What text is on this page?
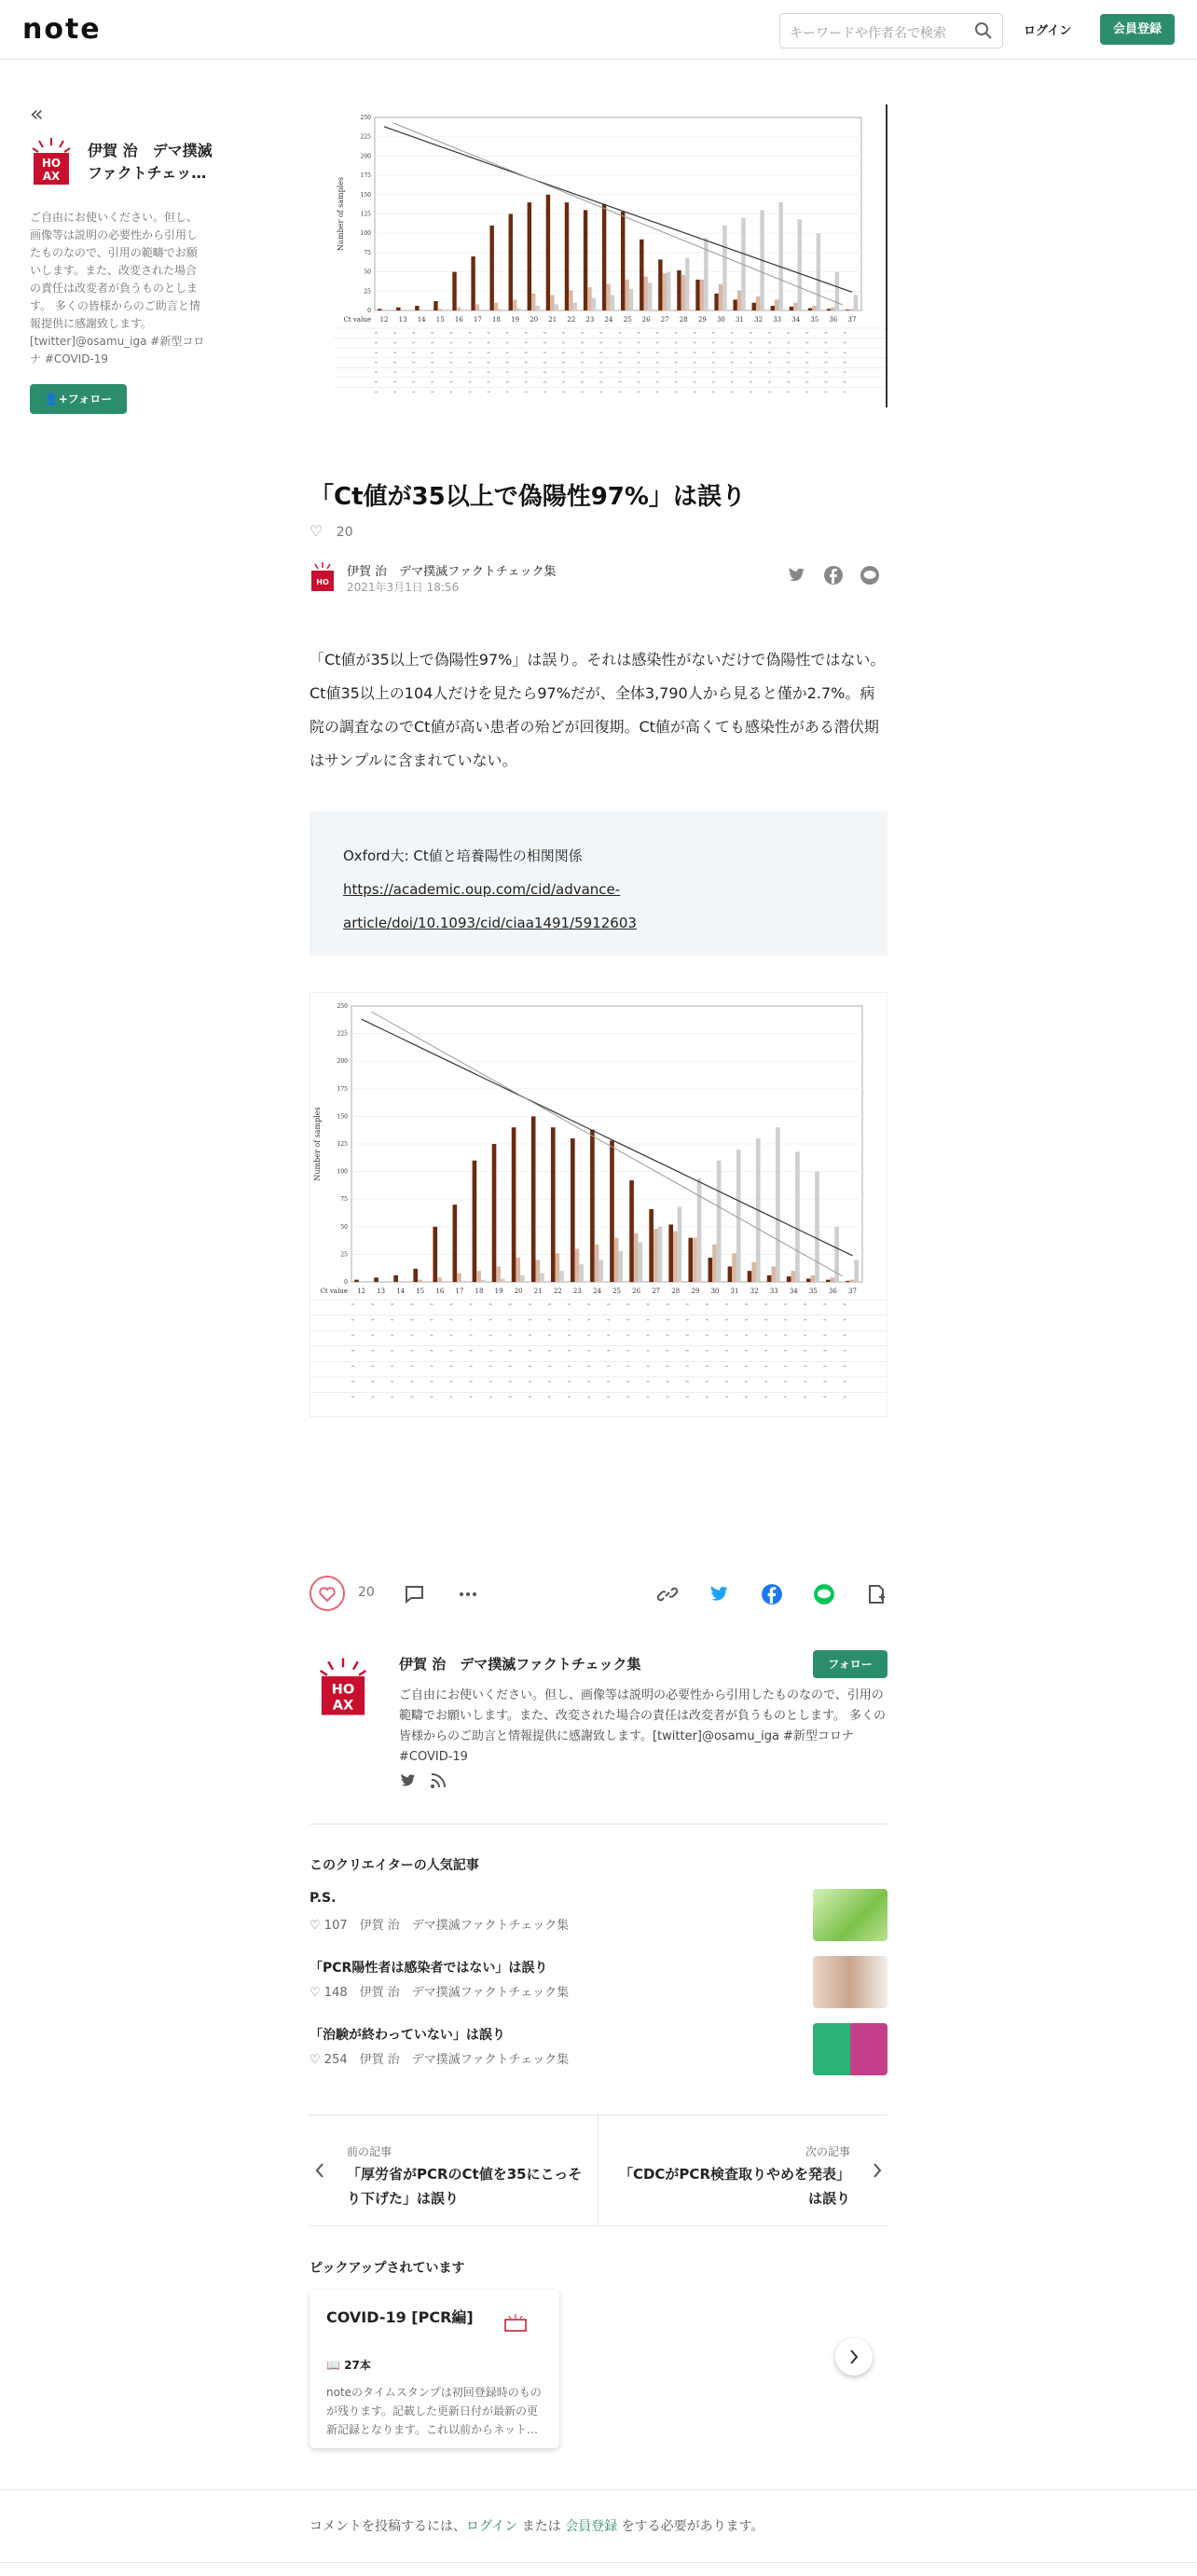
note	キーワードや作者名で検索	ログイン	会員登録
«
HO
AX
伊賀 治　デマ撲滅ファクトチェッ…
ご自由にお使いください。但し、画像等は説明の必要性から引用したものなので、引用の範疇でお願いします。また、改変された場合の責任は改変者が負うものとします。 多くの皆様からのご助言と情報提供に感謝致します。[twitter]@osamu_iga #新型コロナ #COVID-19
👤+フォロー
12 13 14 15 16 17 18 19 20 21 22 23 24 25 26 27 28 29 30 31 32 33 34 35 36 37
Ct value
Number of samples
0
25
50
75
100
125
150
175
200
225
250
「Ct値が35以上で偽陽性97%」は誤り
♡ 20
HO
伊賀 治　デマ撲滅ファクトチェック集
2021年3月1日 18:56

「Ct値が35以上で偽陽性97%」は誤り。それは感染性がないだけで偽陽性ではない。Ct値35以上の104人だけを見たら97%だが、全体3,790人から見ると僅か2.7%。病院の調査なのでCt値が高い患者の殆どが回復期。Ct値が高くても感染性がある潜伏期はサンプルに含まれていない。

Oxford大: Ct値と培養陽性の相関関係

https://academic.oup.com/cid/advance-

article/doi/10.1093/cid/ciaa1491/5912603

12 13 14 15 16 17 18 19 20 21 22 23 24 25 26 27 28 29 30 31 32 33 34 35 36 37
Ct value
Number of samples
0
25
50
75
100
125
150
175
200
225
250
20
HO
AX
伊賀 治　デマ撲滅ファクトチェック集	フォロー
ご自由にお使いください。但し、画像等は説明の必要性から引用したものなので、引用の範疇でお願いします。また、改変された場合の責任は改変者が負うものとします。 多くの皆様からのご助言と情報提供に感謝致します。[twitter]@osamu_iga #新型コロナ #COVID-19
このクリエイターの人気記事
P.S.
♡ 107　 伊賀 治　デマ撲滅ファクトチェック集
「PCR陽性者は感染者ではない」は誤り
♡ 148　 伊賀 治　デマ撲滅ファクトチェック集
「治験が終わっていない」は誤り
♡ 254　 伊賀 治　デマ撲滅ファクトチェック集
前の記事
「厚労省がPCRのCt値を35にこっそり下げた」は誤り
次の記事
「CDCがPCR検査取りやめを発表」は誤り
ピックアップされています
COVID-19 [PCR編]
📖 27本
noteのタイムスタンプは初回登録時のものが残ります。記載した更新日付が最新の更新記録となります。これ以前からネット…
コメントを投稿するには、ログイン または 会員登録 をする必要があります。
